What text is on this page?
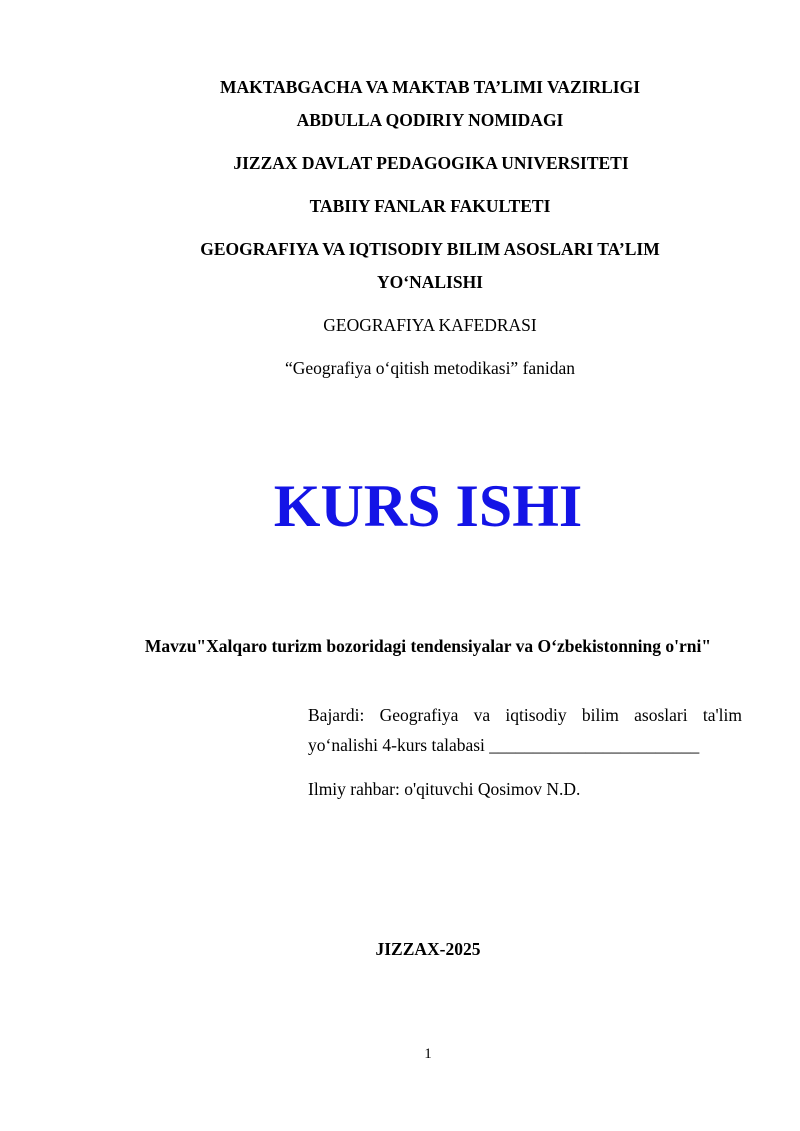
MAKTABGACHA VA MAKTAB TA’LIMI VAZIRLIGI
ABDULLA QODIRIY NOMIDAGI
JIZZAX DAVLAT PEDAGOGIKA UNIVERSITETI
TABIIY FANLAR FAKULTETI
GEOGRAFIYA VA IQTISODIY BILIM ASOSLARI TA’LIM
YO‘NALISHI
GEOGRAFIYA KAFEDRASI
“Geografiya o‘qitish metodikasi” fanidan
KURS ISHI
Mavzu"Xalqaro turizm bozoridagi tendensiyalar va O‘zbekistonning o'rni"
Bajardi: Geografiya va iqtisodiy bilim asoslari ta'lim
yo‘nalishi 4-kurs talabasi ________________________
Ilmiy rahbar: o'qituvchi Qosimov N.D.
JIZZAX-2025
1
